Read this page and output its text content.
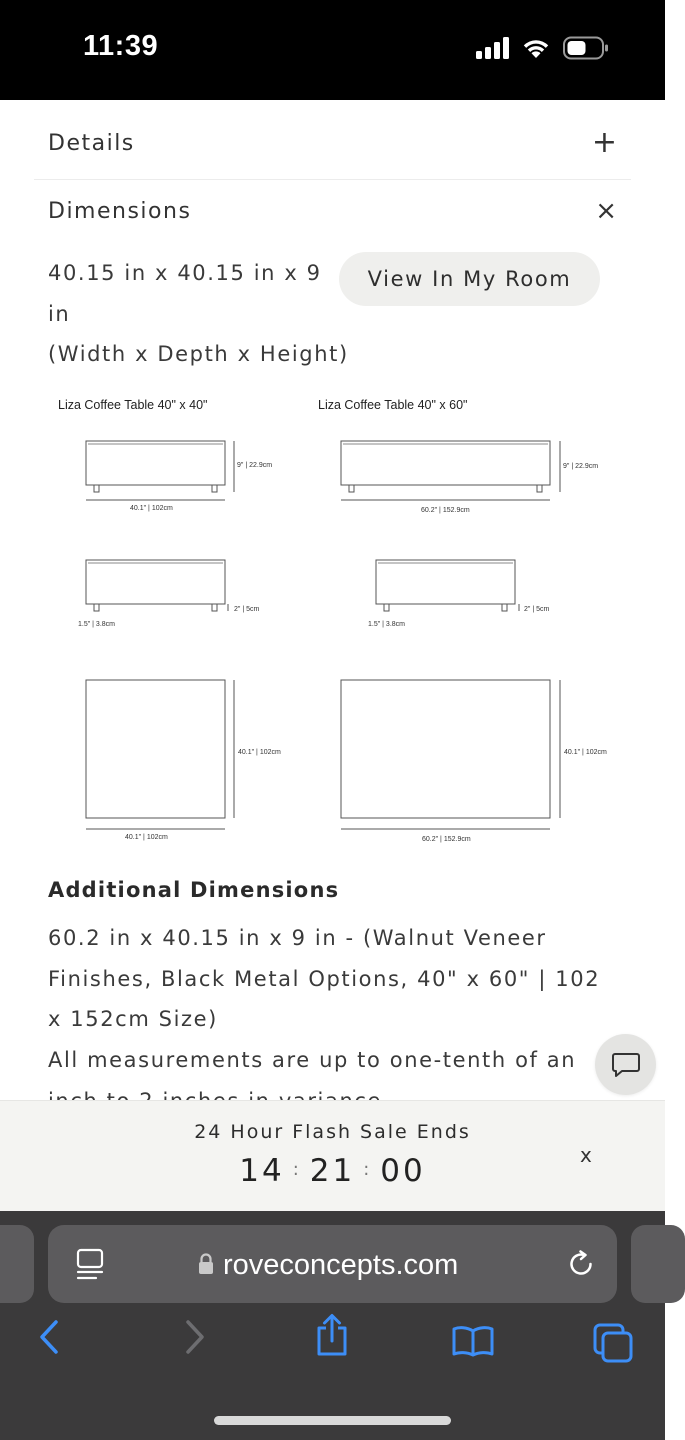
11:39
Details	+
Dimensions	×
40.15 in x 40.15 in x 9 in
(Width x Depth x Height)
View In My Room
Liza Coffee Table 40" x 40"	Liza Coffee Table 40" x 60"
9" | 22.9cm
40.1" | 102cm
9" | 22.9cm
60.2" | 152.9cm
2" | 5cm
1.5" | 3.8cm
2" | 5cm
1.5" | 3.8cm
40.1" | 102cm
40.1" | 102cm
40.1" | 102cm
60.2" | 152.9cm
Additional Dimensions
60.2 in x 40.15 in x 9 in - (Walnut Veneer Finishes, Black Metal Options, 40" x 60" | 102 x 152cm Size)
All measurements are up to one-tenth of an
24 Hour Flash Sale Ends
14 : 21 : 00	x
roveconcepts.com
